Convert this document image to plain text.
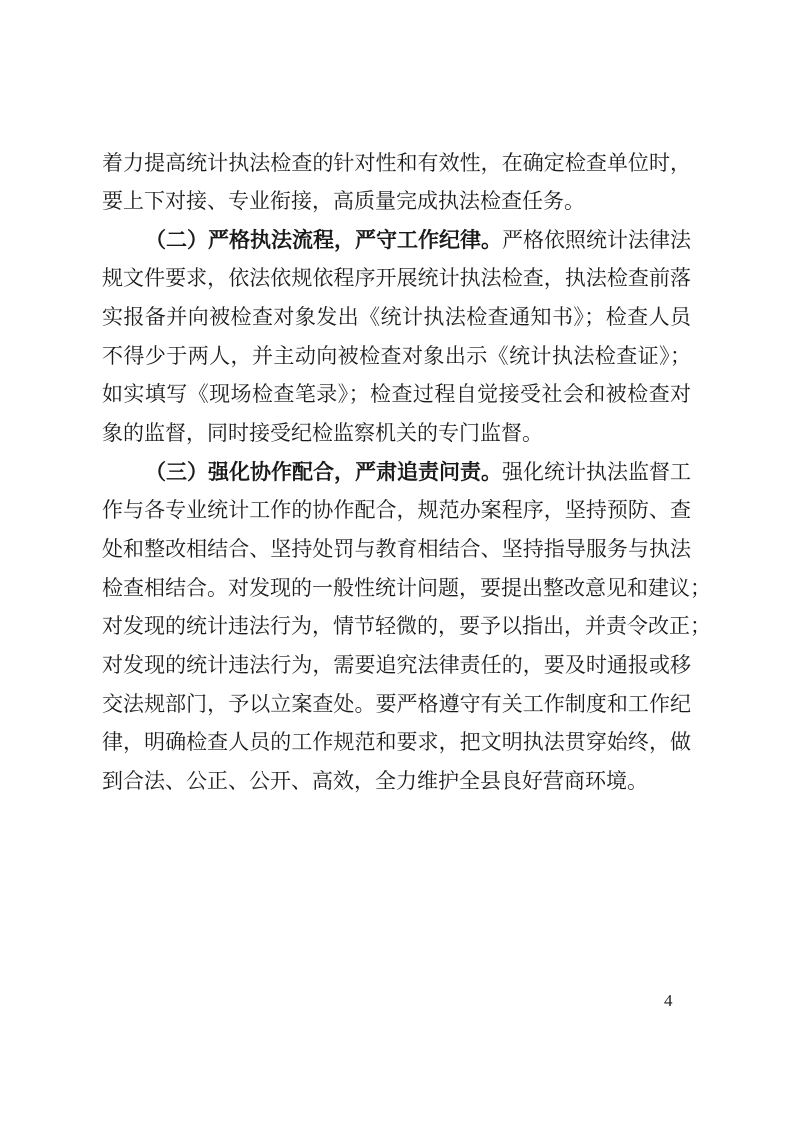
着力提高统计执法检查的针对性和有效性，在确定检查单位时，
要上下对接、专业衔接，高质量完成执法检查任务。
（二）严格执法流程，严守工作纪律。严格依照统计法律法
规文件要求，依法依规依程序开展统计执法检查，执法检查前落
实报备并向被检查对象发出《统计执法检查通知书》；检查人员
不得少于两人，并主动向被检查对象出示《统计执法检查证》；
如实填写《现场检查笔录》；检查过程自觉接受社会和被检查对
象的监督，同时接受纪检监察机关的专门监督。
（三）强化协作配合，严肃追责问责。强化统计执法监督工
作与各专业统计工作的协作配合，规范办案程序，坚持预防、查
处和整改相结合、坚持处罚与教育相结合、坚持指导服务与执法
检查相结合。对发现的一般性统计问题，要提出整改意见和建议；
对发现的统计违法行为，情节轻微的，要予以指出，并责令改正；
对发现的统计违法行为，需要追究法律责任的，要及时通报或移
交法规部门，予以立案查处。要严格遵守有关工作制度和工作纪
律，明确检查人员的工作规范和要求，把文明执法贯穿始终，做
到合法、公正、公开、高效，全力维护全县良好营商环境。
4
